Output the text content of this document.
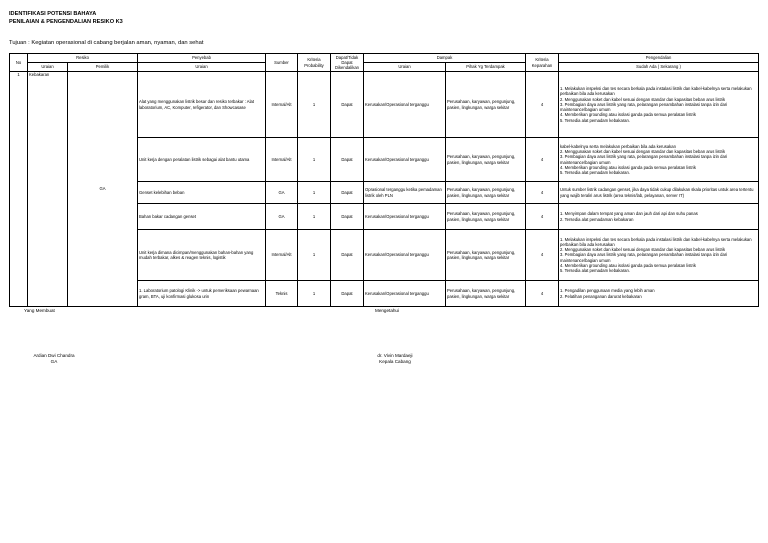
IDENTIFIKASI POTENSI BAHAYA
PENILAIAN & PENGENDALIAN RESIKO K3
Tujuan : Kegiatan operasional di cabang berjalan aman, nyaman, dan sehat
No	Resiko		Penyebab	Sumber	Kriteria Probability	Dapat/Tidak Dapat Dikendalikan	Dampak		Kriteria Keparahan	Pengendalian
	Uraian	Pemilik	Uraian				Uraian	Pihak Yg Terdampak		Sudah Ada ( Sekarang )
1	Kebakaran	GA	Alat yang menggunakan listrik besar dan resiko terbakar : Alat laboratorium, AC, Komputer, refigerator, dan Showcasase	Internal/Alt	1	Dapat	Kerusakan/Operasional terganggu	Perusahaan, karyawan, pengunjung, pasien, lingkungan, warga sekitar	4	1. Melakukan inspeksi dan tes secara berkala pada instalasi listrik dan kabel-kabelnya serta melakukan perbaikan bila ada kerusakan
2. Menggunakan soket dan kabel sesuai dengan standar dan kapasitas beban arus listrik
3. Pembagian daya arus listrik yang rata, pelarangan penambahan instalasi tanpa izin dari maintenance/bagian umum
4. Memberikan grounding atau isolasi ganda pada semua peralatan listrik
5. Tersedia alat pemadam kebakaran.
			Unit kerja dengan peralatan listrik sebagai alat bantu utama	Internal/Alt	1	Dapat	Kerusakan/Operasional terganggu	Perusahaan, karyawan, pengunjung, pasien, lingkungan, warga sekitar	4	kabel-kabelnya serta melakukan perbaikan bila ada kerusakan
2. Menggunakan soket dan kabel sesuai dengan standar dan kapasitas beban arus listrik
3. Pembagian daya arus listrik yang rata, pelarangan penambahan instalasi tanpa izin dari maintenance/bagian umum
4. Memberikan grounding atau isolasi ganda pada semua peralatan listrik
5. Tersedia alat pemadam kebakaran.
			Genset kelebihan beban	GA	1	Dapat	Oprasional terganggu ketika pemadaman listrik oleh PLN	Perusahaan, karyawan, pengunjung, pasien, lingkungan, warga sekitar	4	Untuk sumber listrik cadangan genset, jika daya tidak cukup dilakukan skala prioritas untuk area tertentu yang wajib teraliri arus listrik (area teknis/lab, pelayanan, server IT)
			Bahan bakar cadangan genset	GA	1	Dapat	Kerusakan/Operasional terganggu	Perusahaan, karyawan, pengunjung, pasien, lingkungan, warga sekitar	4	1. Menyimpan dalam tempat yang aman dan jauh dari api dan suhu panas
2. Tersedia alat pemadaman kebakaran
			Unit kerja dimana dicimpan/menggunakan bahan-bahan yang mudah terbakar, alkes & reagen teknis, logistik	Internal/Alt	1	Dapat	Kerusakan/Operasional terganggu	Perusahaan, karyawan, pengunjung, pasien, lingkungan, warga sekitar	4	1. Melakukan inspeksi dan tes secara berkala pada instalasi listrik dan kabel-kabelnya serta melakukan perbaikan bila ada kerusakan
2. Menggunakan soket dan kabel sesuai dengan standar dan kapasitas beban arus listrik
3. Pembagian daya arus listrik yang rata, pelarangan penambahan instalasi tanpa izin dari maintenance/bagian umum
4. Memberikan grounding atau isolasi ganda pada semua peralatan listrik
5. Tersedia alat pemadam kebakaran.
			1. Laboratorium patologi Klinik -> untuk pemeriksaan pewarnaan gram, BTA, uji konfirmasi glukosa urin	Teknis	1	Dapat	Kerusakan/Operasional terganggu	Perusahaan, karyawan, pengunjung, pasien, lingkungan, warga sekitar	4	1. Pengadilan penggunaan media yang lebih aman
2. Pelatihan penanganan darurat kebakaran
Yang Membuat
Ardian Dwi Chandra
GA
Mengetahui
dr. Vivin Mardaeji
Kepala Cabang
